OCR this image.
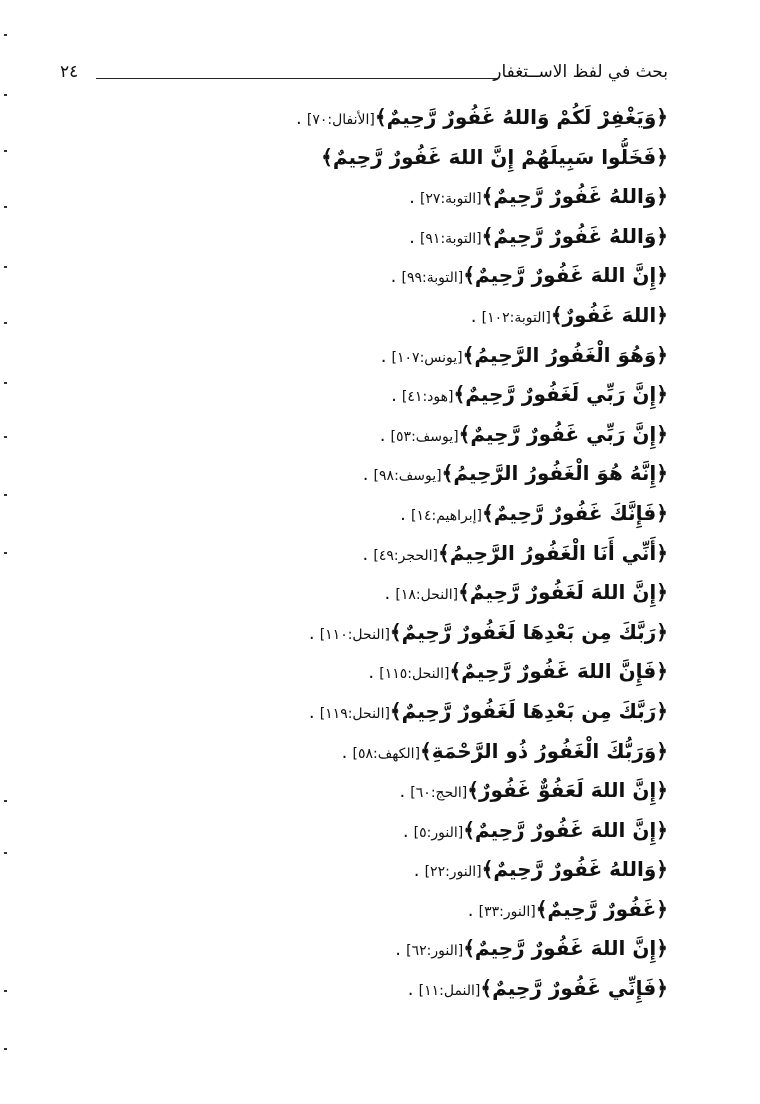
بحث في لفظ الاســتغفار
٢٤
﴿وَيَغْفِرْ لَكُمْ وَاللهُ غَفُورٌ رَّحِيمٌ﴾[الأنفال:٧٠] .
﴿فَخَلُّوا سَبِيلَهُمْ إِنَّ اللهَ غَفُورٌ رَّحِيمٌ﴾
﴿وَاللهُ غَفُورٌ رَّحِيمٌ﴾[التوبة:٢٧] .
﴿وَاللهُ غَفُورٌ رَّحِيمٌ﴾[التوبة:٩١] .
﴿إِنَّ اللهَ غَفُورٌ رَّحِيمٌ﴾[التوبة:٩٩] .
﴿اللهَ غَفُورٌ﴾[التوبة:١٠٢] .
﴿وَهُوَ الْغَفُورُ الرَّحِيمُ﴾[يونس:١٠٧] .
﴿إِنَّ رَبِّي لَغَفُورٌ رَّحِيمٌ﴾[هود:٤١] .
﴿إِنَّ رَبِّي غَفُورٌ رَّحِيمٌ﴾[يوسف:٥٣] .
﴿إِنَّهُ هُوَ الْغَفُورُ الرَّحِيمُ﴾[يوسف:٩٨] .
﴿فَإِنَّكَ غَفُورٌ رَّحِيمٌ﴾[إبراهيم:١٤] .
﴿أَنِّي أَنَا الْغَفُورُ الرَّحِيمُ﴾[الحجر:٤٩] .
﴿إِنَّ اللهَ لَغَفُورٌ رَّحِيمٌ﴾[النحل:١٨] .
﴿رَبَّكَ مِن بَعْدِهَا لَغَفُورٌ رَّحِيمٌ﴾[النحل:١١٠] .
﴿فَإِنَّ اللهَ غَفُورٌ رَّحِيمٌ﴾[النحل:١١٥] .
﴿رَبَّكَ مِن بَعْدِهَا لَغَفُورٌ رَّحِيمٌ﴾[النحل:١١٩] .
﴿وَرَبُّكَ الْغَفُورُ ذُو الرَّحْمَةِ﴾[الكهف:٥٨] .
﴿إِنَّ اللهَ لَعَفُوٌّ غَفُورٌ﴾[الحج:٦٠] .
﴿إِنَّ اللهَ غَفُورٌ رَّحِيمٌ﴾[النور:٥] .
﴿وَاللهُ غَفُورٌ رَّحِيمٌ﴾[النور:٢٢] .
﴿غَفُورٌ رَّحِيمٌ﴾[النور:٣٣] .
﴿إِنَّ اللهَ غَفُورٌ رَّحِيمٌ﴾[النور:٦٢] .
﴿فَإِنِّي غَفُورٌ رَّحِيمٌ﴾[النمل:١١] .
